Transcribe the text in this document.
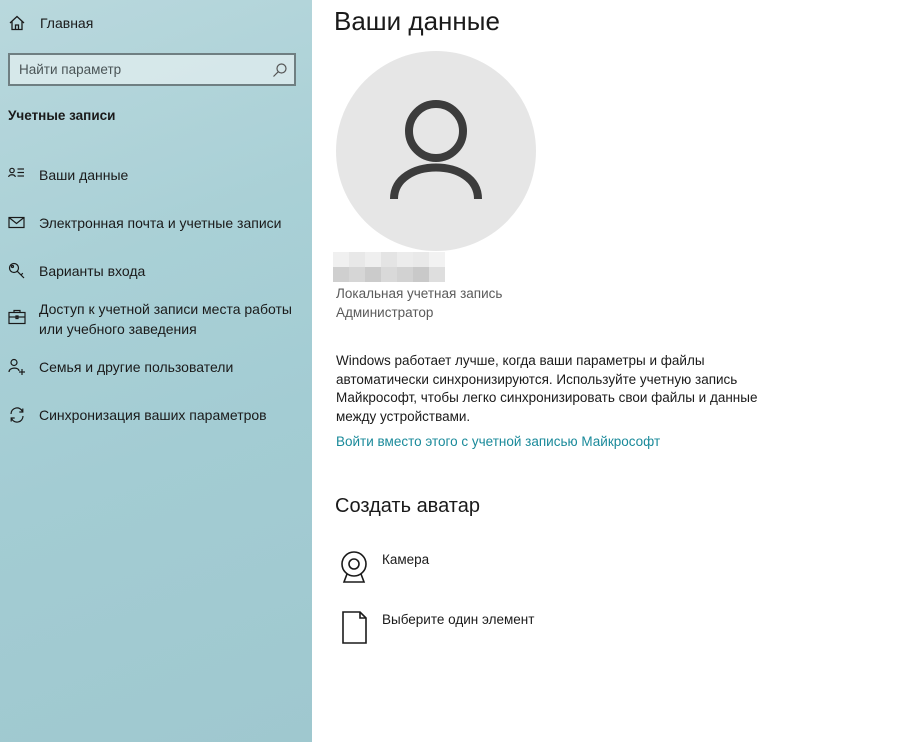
Главная
Найти параметр
Учетные записи
Ваши данные
Электронная почта и учетные записи
Варианты входа
Доступ к учетной записи места работы или учебного заведения
Семья и другие пользователи
Синхронизация ваших параметров
Ваши данные
Локальная учетная запись
Администратор

Windows работает лучше, когда ваши параметры и файлы автоматически синхронизируются. Используйте учетную запись Майкрософт, чтобы легко синхронизировать свои файлы и данные между устройствами.

Войти вместо этого с учетной записью Майкрософт
Создать аватар
Камера
Выберите один элемент
